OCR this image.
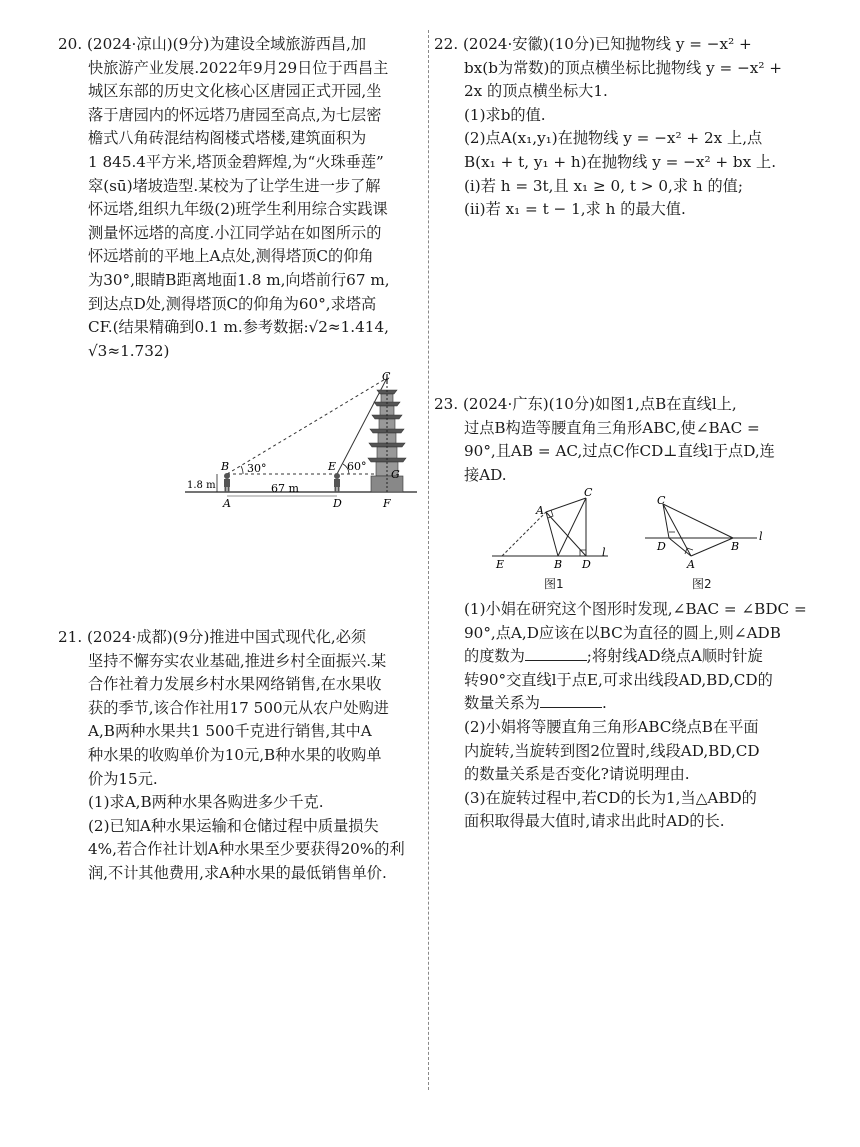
20. (2024·凉山)(9分)为建设全域旅游西昌,加

快旅游产业发展.2022年9月29日位于西昌主

城区东部的历史文化核心区唐园正式开园,坐

落于唐园内的怀远塔乃唐园至高点,为七层密

檐式八角砖混结构阁楼式塔楼,建筑面积为

1 845.4平方米,塔顶金碧辉煌,为“火珠垂莲”

窣(sū)堵坡造型.某校为了让学生进一步了解

怀远塔,组织九年级(2)班学生利用综合实践课

测量怀远塔的高度.小江同学站在如图所示的

怀远塔前的平地上A点处,测得塔顶C的仰角

为30°,眼睛B距离地面1.8 m,向塔前行67 m,

到达点D处,测得塔顶C的仰角为60°,求塔高

CF.(结果精确到0.1 m.参考数据:√2≈1.414,

√3≈1.732)

C
B	E
G
A	D	F
30°	60°
1.8 m	67 m

21. (2024·成都)(9分)推进中国式现代化,必须

坚持不懈夯实农业基础,推进乡村全面振兴.某

合作社着力发展乡村水果网络销售,在水果收

获的季节,该合作社用17 500元从农户处购进

A,B两种水果共1 500千克进行销售,其中A

种水果的收购单价为10元,B种水果的收购单

价为15元.

(1)求A,B两种水果各购进多少千克.

(2)已知A种水果运输和仓储过程中质量损失

4%,若合作社计划A种水果至少要获得20%的利

润,不计其他费用,求A种水果的最低销售单价.

22. (2024·安徽)(10分)已知抛物线 y = −x² +

bx(b为常数)的顶点横坐标比抛物线 y = −x² +

2x 的顶点横坐标大1.

(1)求b的值.

(2)点A(x₁,y₁)在抛物线 y = −x² + 2x 上,点

B(x₁ + t, y₁ + h)在抛物线 y = −x² + bx 上.

(i)若 h = 3t,且 x₁ ≥ 0, t > 0,求 h 的值;

(ii)若 x₁ = t − 1,求 h 的最大值.

23. (2024·广东)(10分)如图1,点B在直线l上,

过点B构造等腰直角三角形ABC,使∠BAC =

90°,且AB = AC,过点C作CD⊥直线l于点D,连

接AD.

A
C
E	B D
l
图1
C
D	B
A
l
图2

(1)小娟在研究这个图形时发现,∠BAC = ∠BDC =

90°,点A,D应该在以BC为直径的圆上,则∠ADB

的度数为	;将射线AD绕点A顺时针旋

转90°交直线l于点E,可求出线段AD,BD,CD的

数量关系为	.

(2)小娟将等腰直角三角形ABC绕点B在平面

内旋转,当旋转到图2位置时,线段AD,BD,CD

的数量关系是否变化?请说明理由.

(3)在旋转过程中,若CD的长为1,当△ABD的

面积取得最大值时,请求出此时AD的长.
